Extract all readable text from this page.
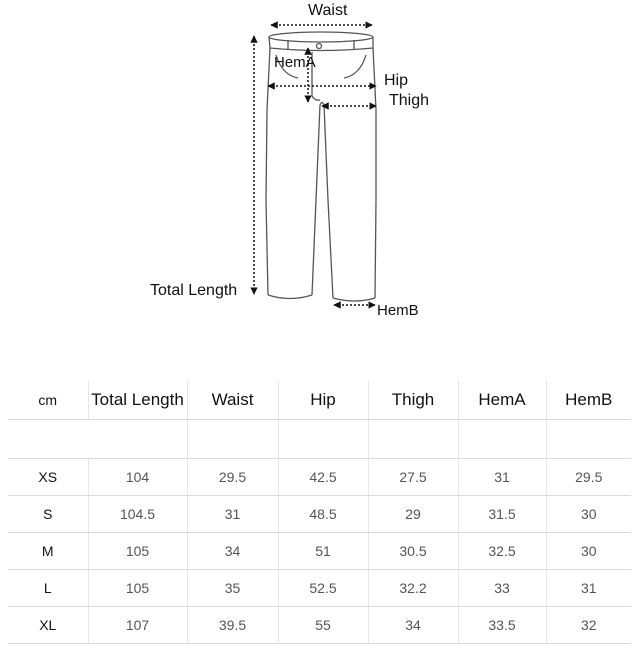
Waist
HemA
Hip
Thigh
Total Length
HemB
cm	Total Length	Waist	Hip	Thigh	HemA	HemB

XS	104	29.5	42.5	27.5	31	29.5
S	104.5	31	48.5	29	31.5	30
M	105	34	51	30.5	32.5	30
L	105	35	52.5	32.2	33	31
XL	107	39.5	55	34	33.5	32
